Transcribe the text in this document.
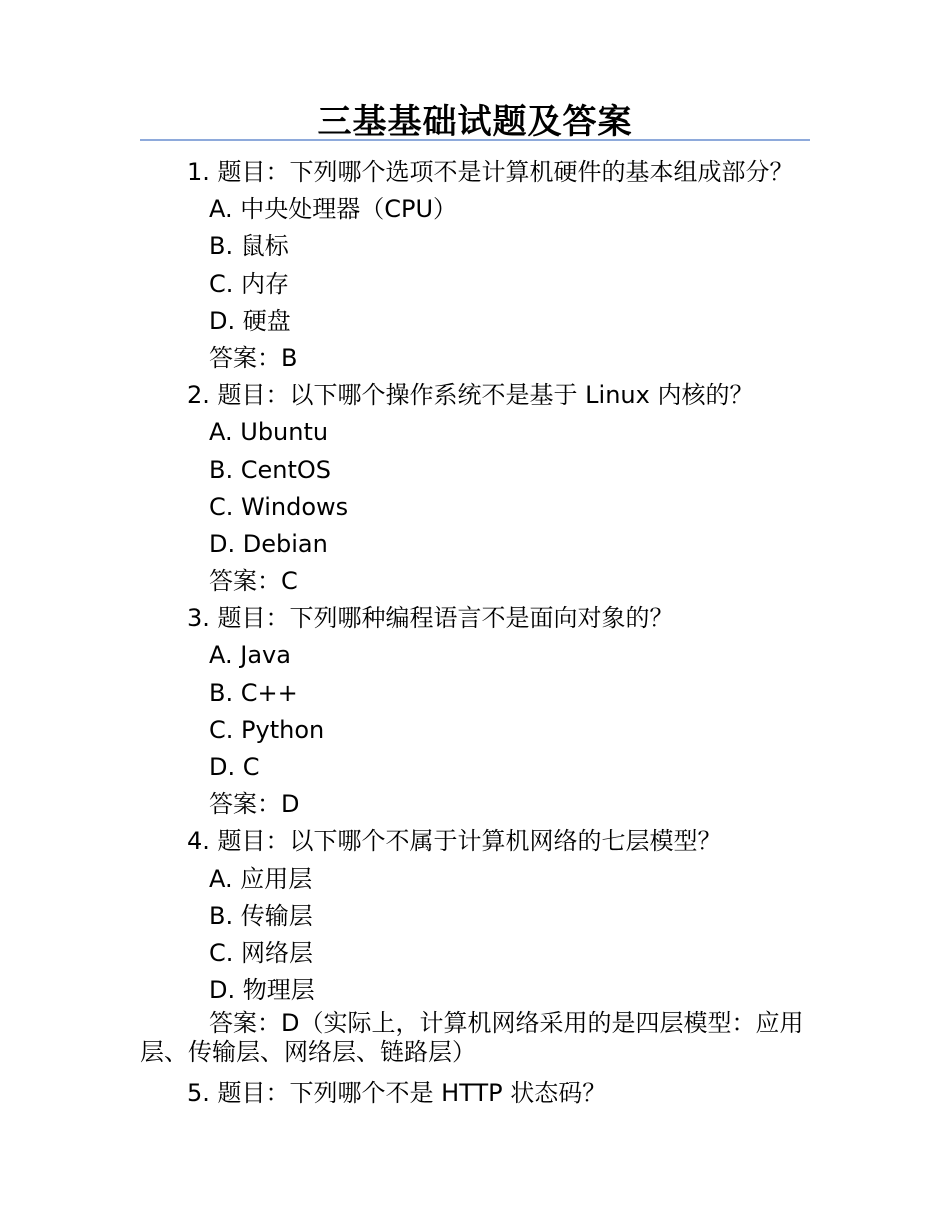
三基基础试题及答案
1. 题目：下列哪个选项不是计算机硬件的基本组成部分？
A. 中央处理器（CPU）
B. 鼠标
C. 内存
D. 硬盘
答案：B
2. 题目：以下哪个操作系统不是基于 Linux 内核的？
A. Ubuntu
B. CentOS
C. Windows
D. Debian
答案：C
3. 题目：下列哪种编程语言不是面向对象的？
A. Java
B. C++
C. Python
D. C
答案：D
4. 题目：以下哪个不属于计算机网络的七层模型？
A. 应用层
B. 传输层
C. 网络层
D. 物理层
答案：D（实际上，计算机网络采用的是四层模型：应用层、传输层、网络层、链路层）
5. 题目：下列哪个不是 HTTP 状态码？
